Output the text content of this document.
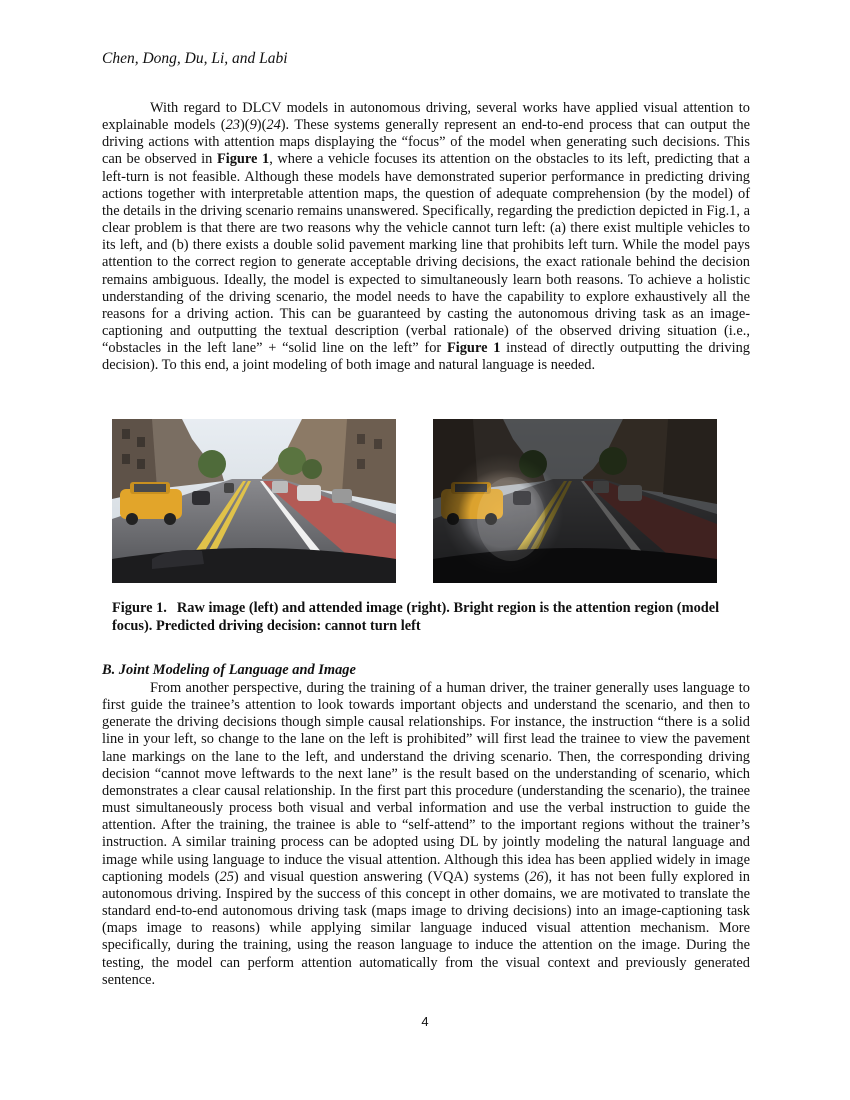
Chen, Dong, Du, Li, and Labi

With regard to DLCV models in autonomous driving, several works have applied visual attention to explainable models (23)(9)(24). These systems generally represent an end-to-end process that can output the driving actions with attention maps displaying the “focus” of the model when generating such decisions. This can be observed in Figure 1, where a vehicle focuses its attention on the obstacles to its left, predicting that a left-turn is not feasible. Although these models have demonstrated superior performance in predicting driving actions together with interpretable attention maps, the question of adequate comprehension (by the model) of the details in the driving scenario remains unanswered. Specifically, regarding the prediction depicted in Fig.1, a clear problem is that there are two reasons why the vehicle cannot turn left: (a) there exist multiple vehicles to its left, and (b) there exists a double solid pavement marking line that prohibits left turn. While the model pays attention to the correct region to generate acceptable driving decisions, the exact rationale behind the decision remains ambiguous. Ideally, the model is expected to simultaneously learn both reasons. To achieve a holistic understanding of the driving scenario, the model needs to have the capability to explore exhaustively all the reasons for a driving action. This can be guaranteed by casting the autonomous driving task as an image-captioning and outputting the textual description (verbal rationale) of the observed driving situation (i.e., “obstacles in the left lane” + “solid line on the left” for Figure 1 instead of directly outputting the driving decision). To this end, a joint modeling of both image and natural language is needed.

Figure 1. Raw image (left) and attended image (right). Bright region is the attention region (model focus). Predicted driving decision: cannot turn left

B. Joint Modeling of Language and Image

From another perspective, during the training of a human driver, the trainer generally uses language to first guide the trainee’s attention to look towards important objects and understand the scenario, and then to generate the driving decisions though simple causal relationships. For instance, the instruction “there is a solid line in your left, so change to the lane on the left is prohibited” will first lead the trainee to view the pavement lane markings on the lane to the left, and understand the driving scenario. Then, the corresponding driving decision “cannot move leftwards to the next lane” is the result based on the understanding of scenario, which demonstrates a clear causal relationship. In the first part this procedure (understanding the scenario), the trainee must simultaneously process both visual and verbal information and use the verbal instruction to guide the attention. After the training, the trainee is able to “self-attend” to the important regions without the trainer’s instruction. A similar training process can be adopted using DL by jointly modeling the natural language and image while using language to induce the visual attention. Although this idea has been applied widely in image captioning models (25) and visual question answering (VQA) systems (26), it has not been fully explored in autonomous driving. Inspired by the success of this concept in other domains, we are motivated to translate the standard end-to-end autonomous driving task (maps image to driving decisions) into an image-captioning task (maps image to reasons) while applying similar language induced visual attention mechanism. More specifically, during the training, using the reason language to induce the attention on the image. During the testing, the model can perform attention automatically from the visual context and previously generated sentence.

4
